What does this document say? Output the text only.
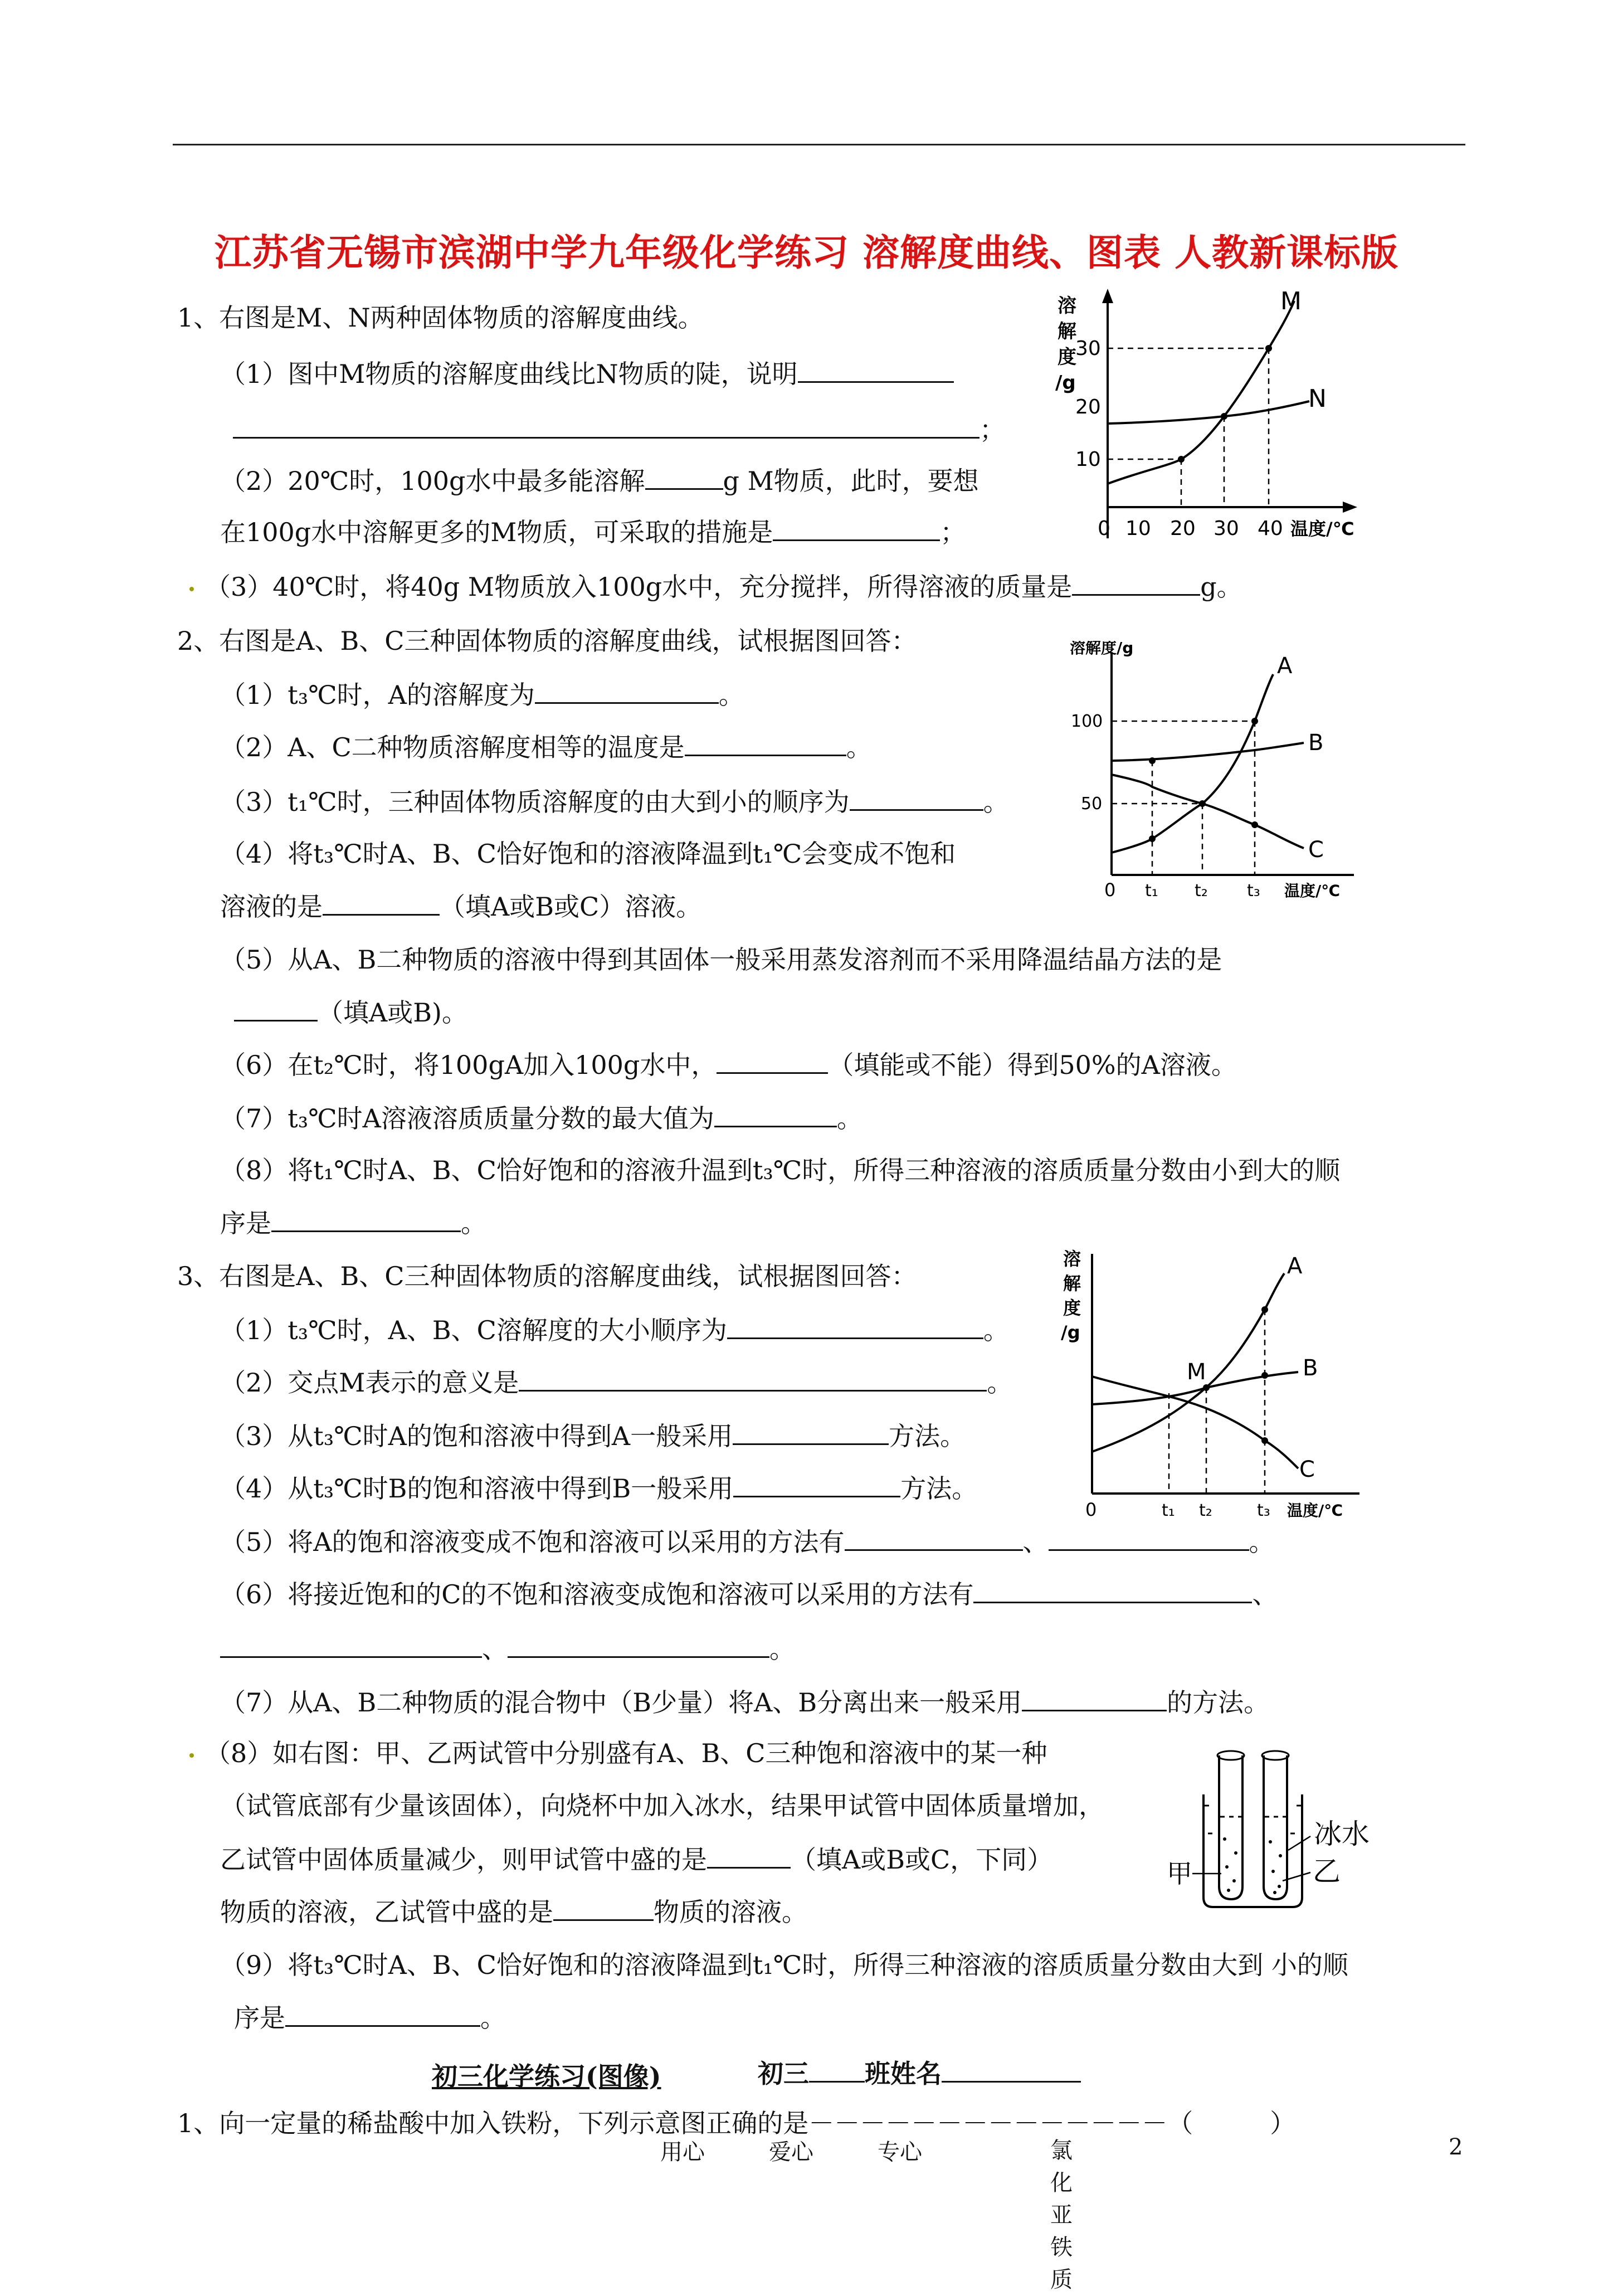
江苏省无锡市滨湖中学九年级化学练习 溶解度曲线、图表 人教新课标版
1、右图是M、N两种固体物质的溶解度曲线。
（1）图中M物质的溶解度曲线比N物质的陡，说明
；
（2）20℃时，100g水中最多能溶解	g M物质，此时，要想
在100g水中溶解更多的M物质，可采取的措施是	；
（3）40℃时，将40g M物质放入100g水中，充分搅拌，所得溶液的质量是	g。
M
N
溶
解
度
/g
30
20
10
0 10 20 30 40 温度/℃
2、右图是A、B、C三种固体物质的溶解度曲线，试根据图回答：
（1）t₃℃时，A的溶解度为	。
（2）A、C二种物质溶解度相等的温度是	。
（3）t₁℃时，三种固体物质溶解度的由大到小的顺序为	。
（4）将t₃℃时A、B、C恰好饱和的溶液降温到t₁℃会变成不饱和
溶液的是	（填A或B或C）溶液。
（5）从A、B二种物质的溶液中得到其固体一般采用蒸发溶剂而不采用降温结晶方法的是
（填A或B)。
（6）在t₂℃时，将100gA加入100g水中，	（填能或不能）得到50%的A溶液。
（7）t₃℃时A溶液溶质质量分数的最大值为	。
（8）将t₁℃时A、B、C恰好饱和的溶液升温到t₃℃时，所得三种溶液的溶质质量分数由小到大的顺
序是	。
溶解度/g
A
B
C
100
50
0 t₁ t₂ t₃ 温度/℃
3、右图是A、B、C三种固体物质的溶解度曲线，试根据图回答：
（1）t₃℃时，A、B、C溶解度的大小顺序为	。
（2）交点M表示的意义是	。
（3）从t₃℃时A的饱和溶液中得到A一般采用	方法。
（4）从t₃℃时B的饱和溶液中得到B一般采用	方法。
（5）将A的饱和溶液变成不饱和溶液可以采用的方法有	、	。
（6）将接近饱和的C的不饱和溶液变成饱和溶液可以采用的方法有	、
、	。
（7）从A、B二种物质的混合物中（B少量）将A、B分离出来一般采用	的方法。
（8）如右图：甲、乙两试管中分别盛有A、B、C三种饱和溶液中的某一种
（试管底部有少量该固体），向烧杯中加入冰水，结果甲试管中固体质量增加，
乙试管中固体质量减少，则甲试管中盛的是	（填A或B或C，下同）
物质的溶液，乙试管中盛的是	物质的溶液。
（9）将t₃℃时A、B、C恰好饱和的溶液降温到t₁℃时，所得三种溶液的溶质质量分数由大到 小的顺
序是	。
溶
解
度
/g
M
A
B
C
0	t₁ t₂	t₃ 温度/℃
冰水
乙
甲
初三化学练习(图像)	初三 班姓名
1、向一定量的稀盐酸中加入铁粉，下列示意图正确的是－－－－－－－－－－－－－－（　　　）
用心	爱心	专心	2
氯
化
亚
铁
质
